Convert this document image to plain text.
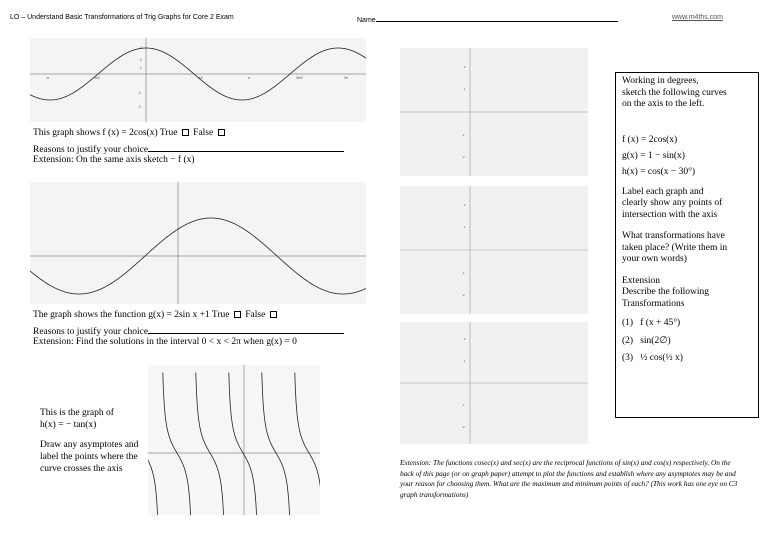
LO – Understand Basic Transformations of Trig Graphs for Core 2 Exam	Name	www.m4ths.com
-π	-π/2	π/2	π	3π/2	2π
3
2
1
-1
-2
This graph shows f (x) = 2cos(x) True False
Reasons to justify your choice
Extension: On the same axis sketch − f (x)
The graph shows the function g(x) = 2sin x +1 True False
Reasons to justify your choice
Extension: Find the solutions in the interval 0 < x < 2π when g(x) = 0
This is the graph of
h(x) = − tan(x)
Draw any asymptotes and
label the points where the
curve crosses the axis
2
1
-1
-2
2
1
-1
-2
2
1
-1
-2

Working in degrees,

sketch the following curves

on the axis to the left.

f (x) = 2cos(x)

g(x) = 1 − sin(x)

h(x) = cos(x − 30°)

Label each graph and

clearly show any points of

intersection with the axis

What transformations have

taken place? (Write them in

your own words)

Extension

Describe the following

Transformations

(1) f (x + 45°)

(2) sin(2∅)

(3) ½ cos(½ x)

Extension: The functions cosec(x) and sec(x) are the reciprocal functions of sin(x) and cos(x) respectively. On the back of this page (or on graph paper) attempt to plot the functions and establish where any asymptotes may be and your reason for choosing them. What are the maximum and minimum points of each? (This work has one eye on C3 graph transformations)
